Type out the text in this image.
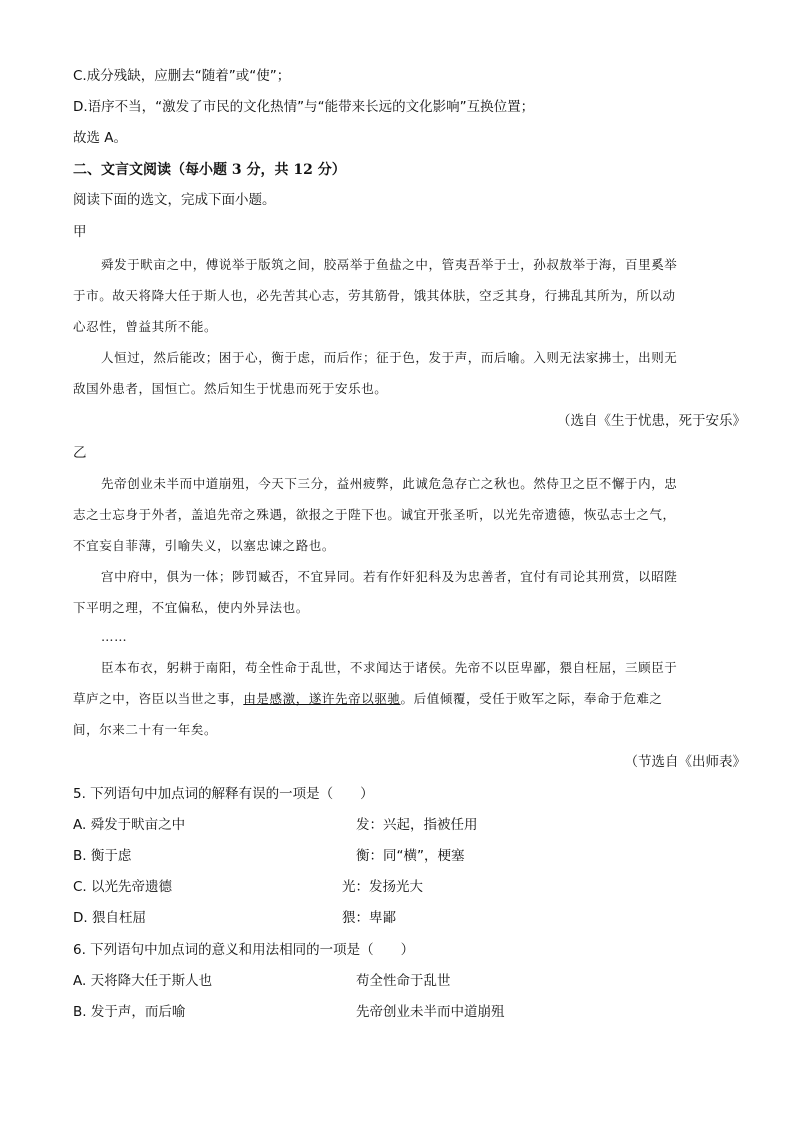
C.成分残缺，应删去“随着”或“使”；
D.语序不当，“激发了市民的文化热情”与“能带来长远的文化影响”互换位置；
故选 A。
二、文言文阅读（每小题 3 分，共 12 分）
阅读下面的选文，完成下面小题。
甲
舜发于畎亩之中，傅说举于版筑之间，胶鬲举于鱼盐之中，管夷吾举于士，孙叔敖举于海，百里奚举
于市。故天将降大任于斯人也，必先苦其心志，劳其筋骨，饿其体肤，空乏其身，行拂乱其所为，所以动
心忍性，曾益其所不能。
人恒过，然后能改；困于心，衡于虑，而后作；征于色，发于声，而后喻。入则无法家拂士，出则无
敌国外患者，国恒亡。然后知生于忧患而死于安乐也。
（选自《生于忧患，死于安乐》
乙
先帝创业未半而中道崩殂，今天下三分，益州疲弊，此诚危急存亡之秋也。然侍卫之臣不懈于内，忠
志之士忘身于外者，盖追先帝之殊遇，欲报之于陛下也。诚宜开张圣听，以光先帝遗德，恢弘志士之气，
不宜妄自菲薄，引喻失义，以塞忠谏之路也。
宫中府中，俱为一体；陟罚臧否，不宜异同。若有作奸犯科及为忠善者，宜付有司论其刑赏，以昭陛
下平明之理，不宜偏私，使内外异法也。
……
臣本布衣，躬耕于南阳，苟全性命于乱世，不求闻达于诸侯。先帝不以臣卑鄙，猥自枉屈，三顾臣于
草庐之中，咨臣以当世之事，由是感激，遂许先帝以驱驰。后值倾覆，受任于败军之际，奉命于危难之
间，尔来二十有一年矣。
（节选自《出师表》
5. 下列语句中加点词的解释有误的一项是（　　）
A. 舜发于畎亩之中	发：兴起，指被任用
B. 衡于虑	衡：同“横”，梗塞
C. 以光先帝遗德	光：发扬光大
D. 猥自枉屈	猥：卑鄙
6. 下列语句中加点词的意义和用法相同的一项是（　　）
A. 天将降大任于斯人也	苟全性命于乱世
B. 发于声，而后喻	先帝创业未半而中道崩殂
